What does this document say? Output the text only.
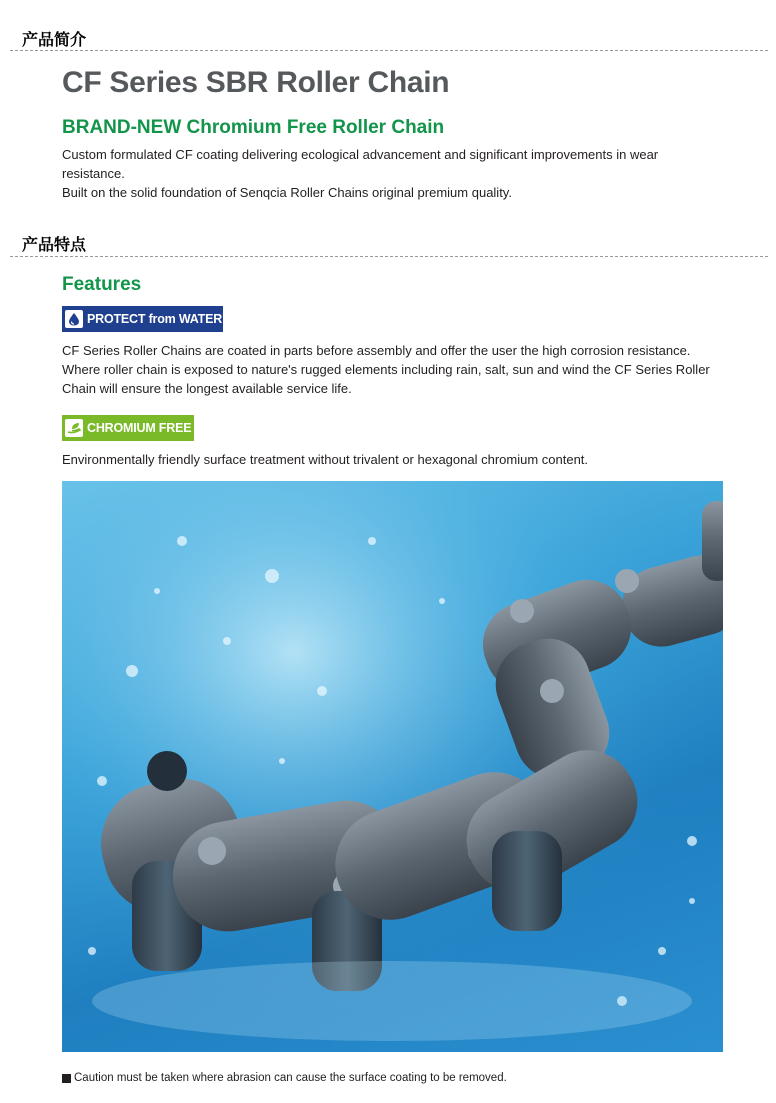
产品简介
CF Series SBR Roller Chain
BRAND-NEW Chromium Free Roller Chain
Custom formulated CF coating delivering ecological advancement and significant improvements in wear
resistance.
Built on the solid foundation of Senqcia Roller Chains original premium quality.
产品特点
Features
PROTECT from WATER
CF Series Roller Chains are coated in parts before assembly and offer the user the high corrosion resistance.
Where roller chain is exposed to nature's rugged elements including rain, salt, sun and wind the CF Series Roller
Chain will ensure the longest available service life.
CHROMIUM FREE
Environmentally friendly surface treatment without trivalent or hexagonal chromium content.
Caution must be taken where abrasion can cause the surface coating to be removed.
